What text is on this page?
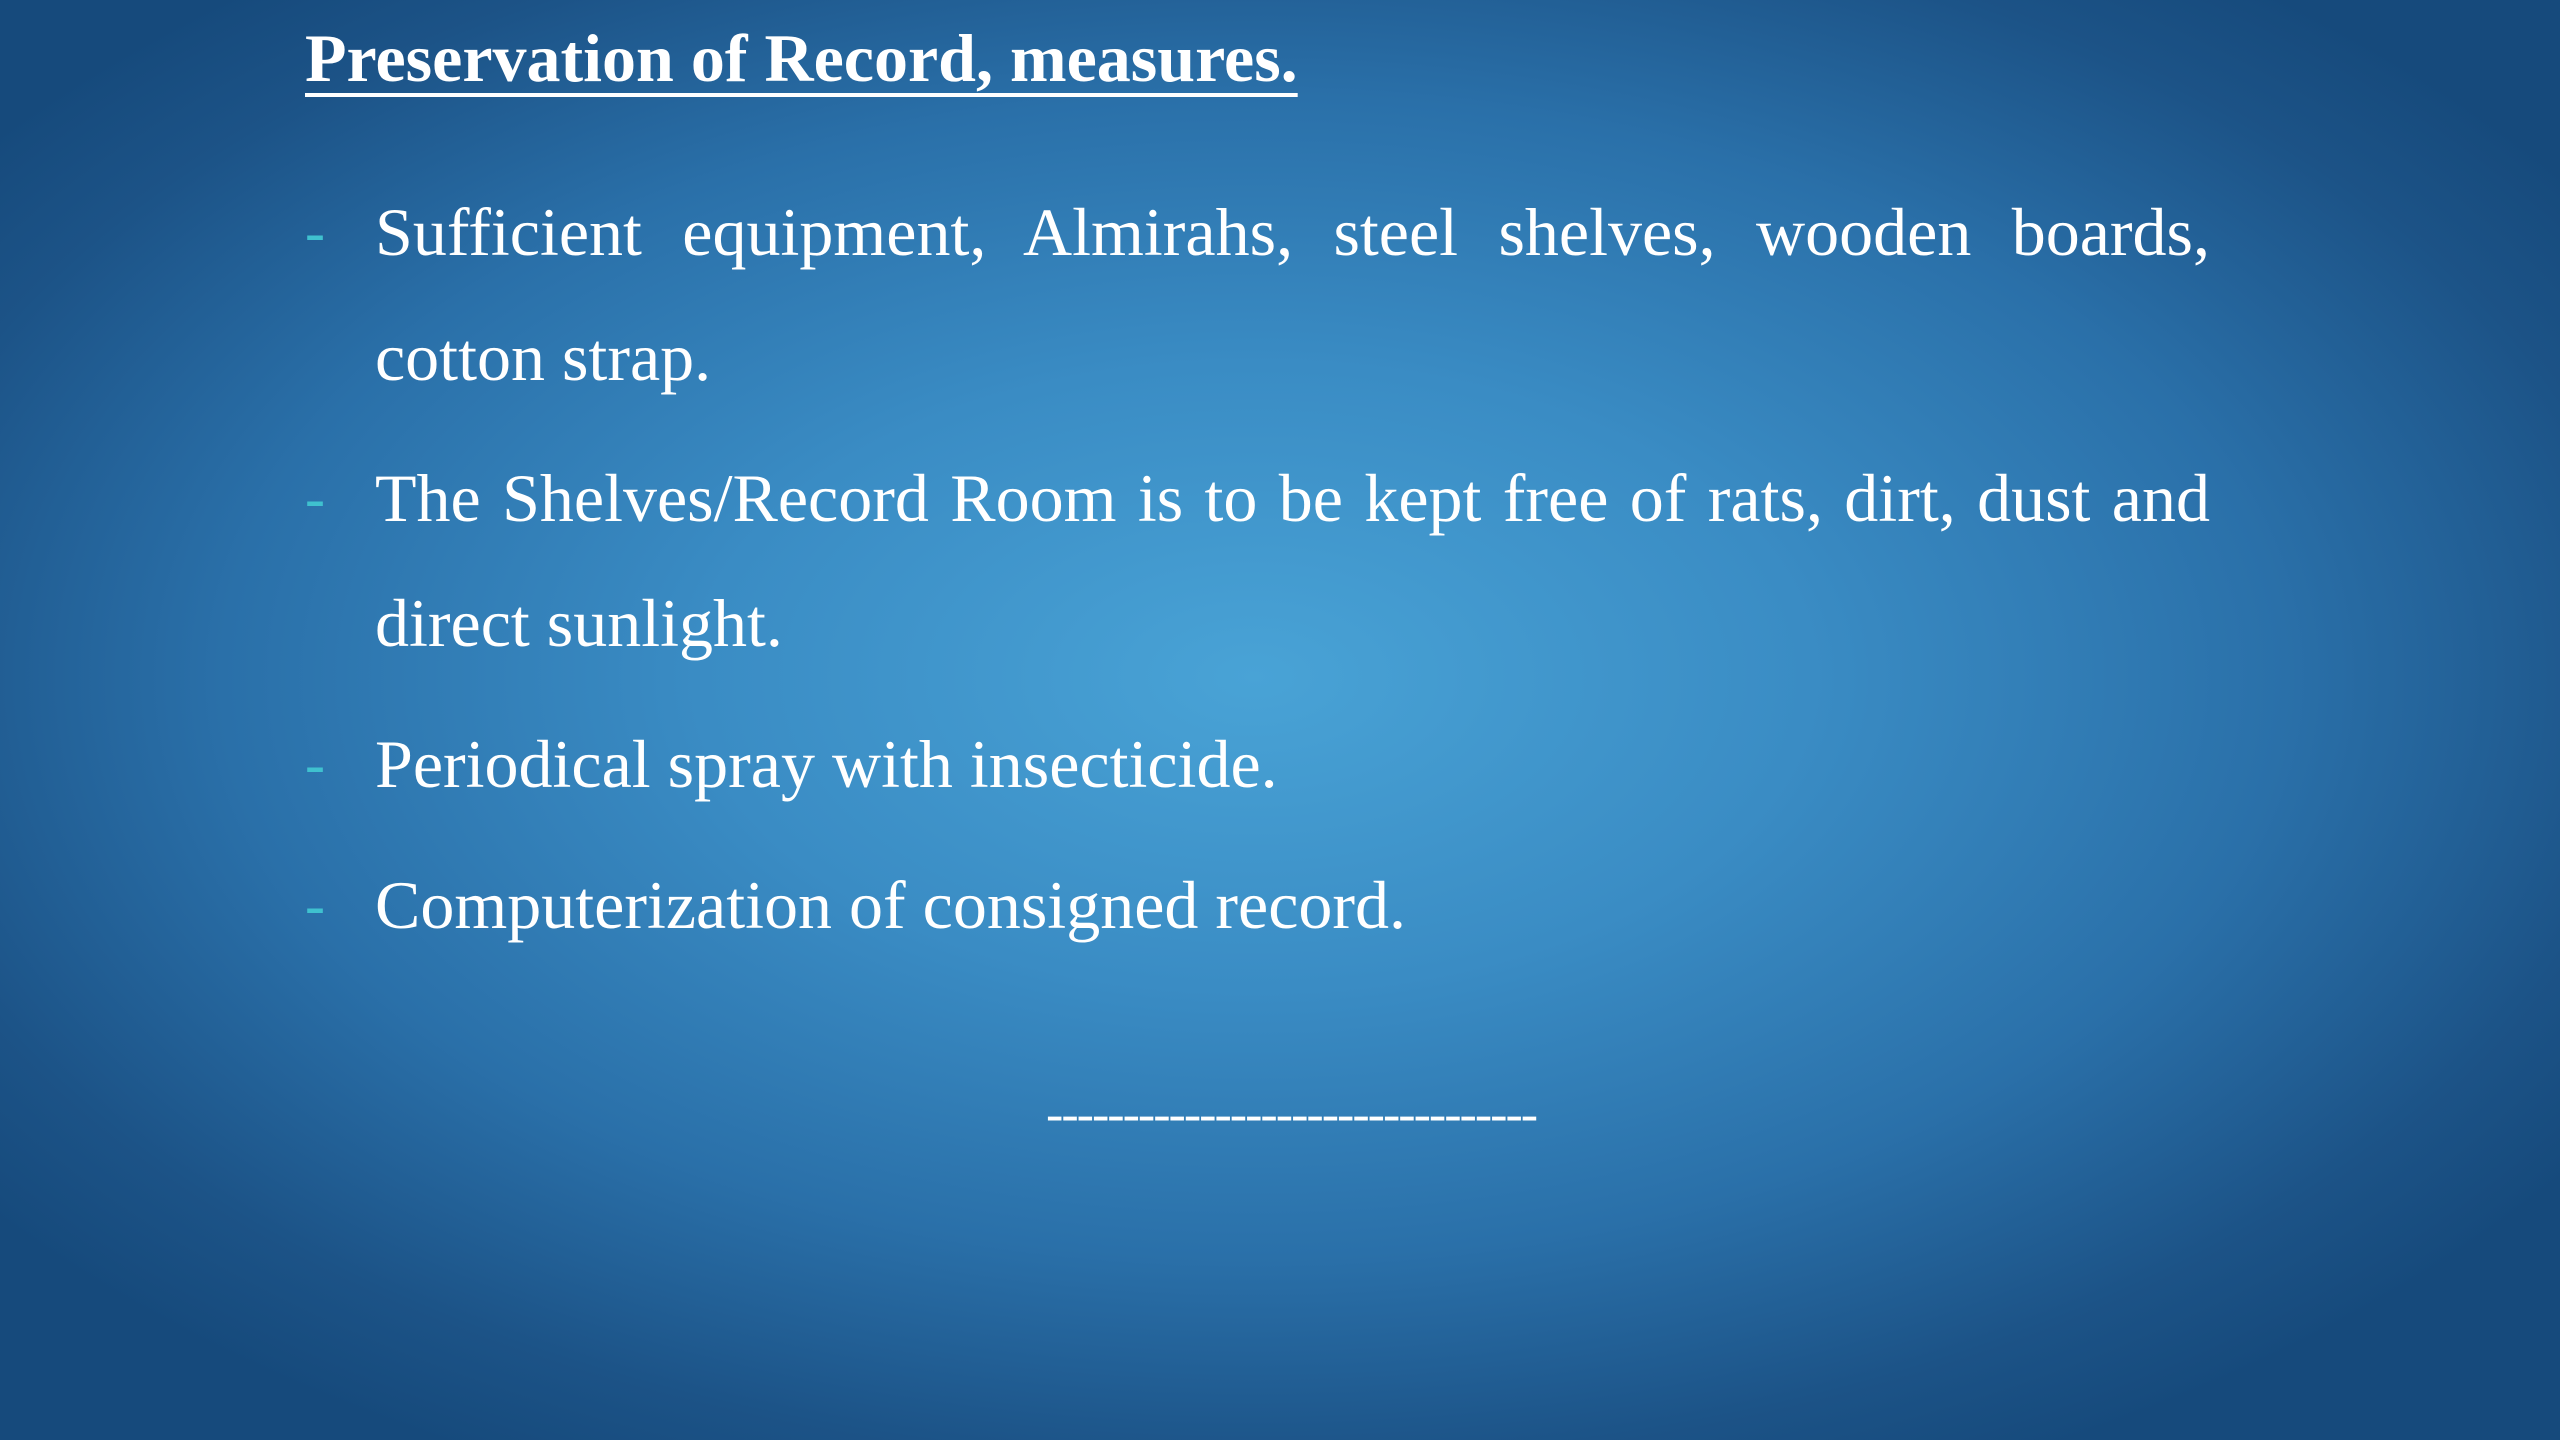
Preservation of Record, measures.
- Sufficient equipment, Almirahs, steel shelves, wooden boards, cotton strap.
- The Shelves/Record Room is to be kept free of rats, dirt, dust and direct sunlight.
- Periodical spray with insecticide.
- Computerization of consigned record.
--------------------------------
